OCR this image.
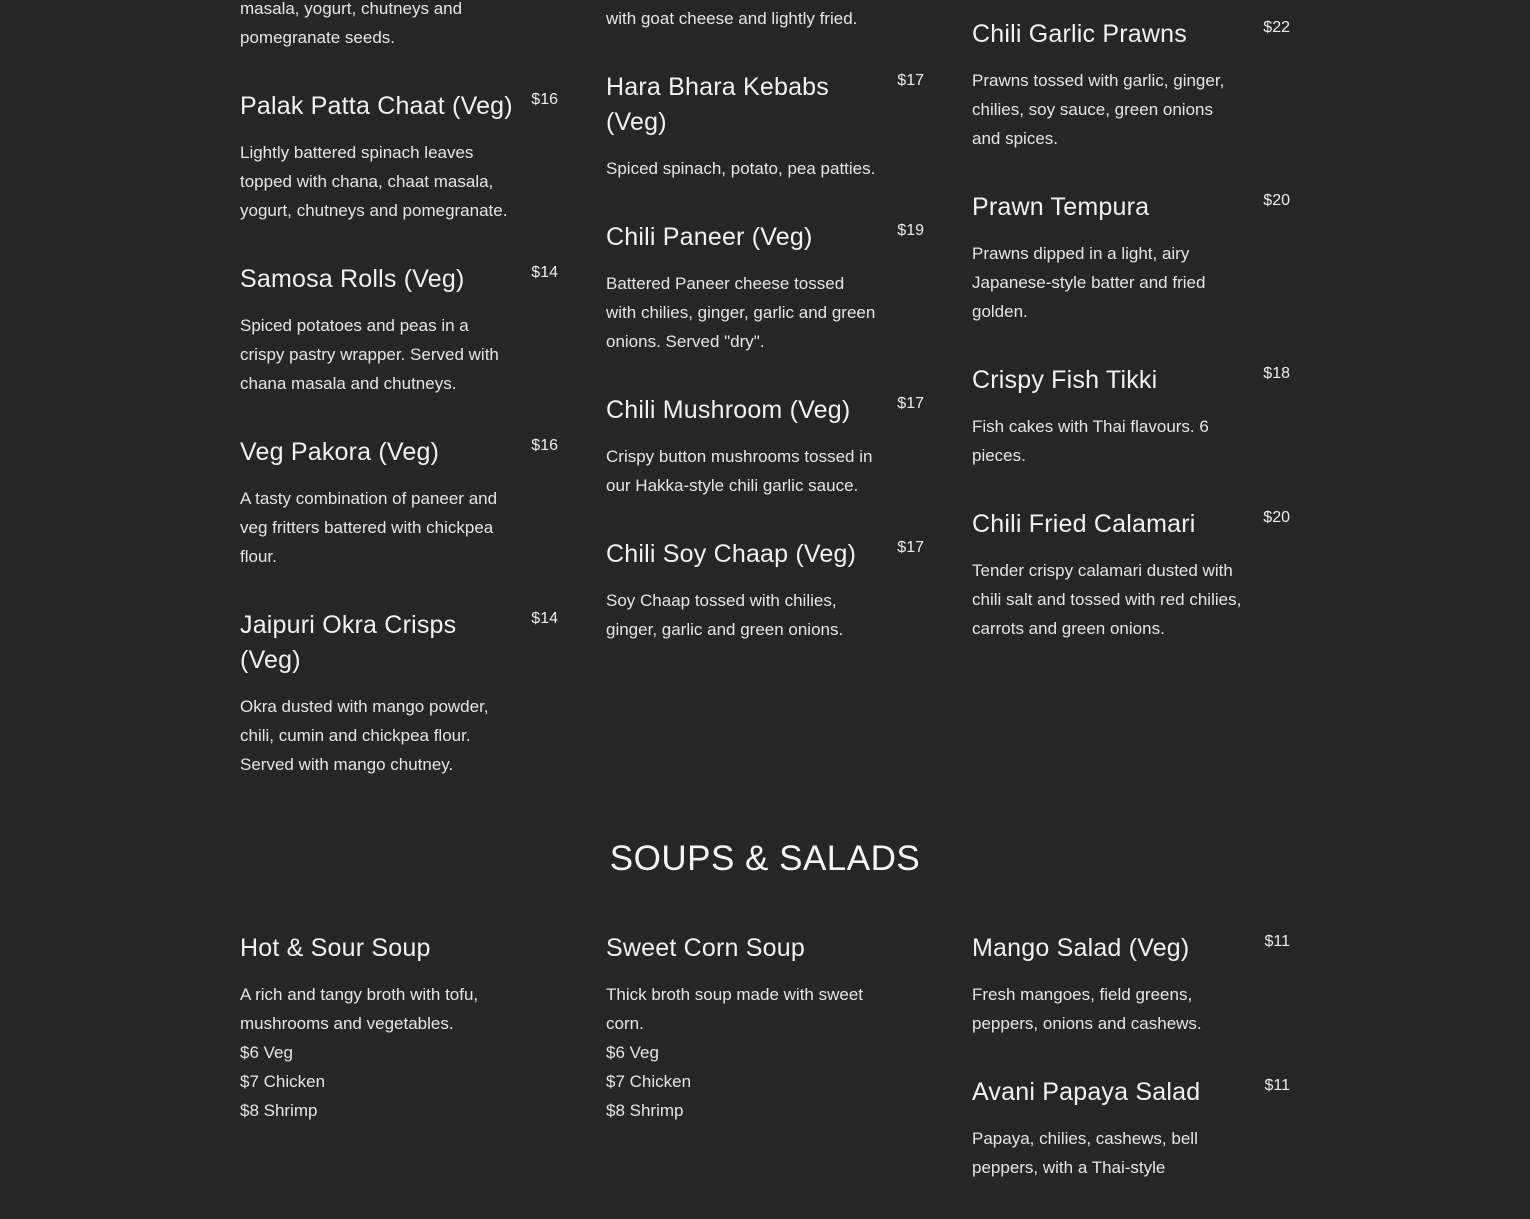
masala, yogurt, chutneys and pomegranate seeds.
Palak Patta Chaat (Veg) $16
Lightly battered spinach leaves topped with chana, chaat masala, yogurt, chutneys and pomegranate.
Samosa Rolls (Veg)	$14
Spiced potatoes and peas in a crispy pastry wrapper. Served with chana masala and chutneys.
Veg Pakora (Veg)	$16
A tasty combination of paneer and veg fritters battered with chickpea flour.
Jaipuri Okra Crisps (Veg)
$14
Okra dusted with mango powder, chili, cumin and chickpea flour. Served with mango chutney.
with goat cheese and lightly fried.
Hara Bhara Kebabs (Veg)
$17
Spiced spinach, potato, pea patties.
Chili Paneer (Veg)	$19
Battered Paneer cheese tossed with chilies, ginger, garlic and green onions. Served "dry".
Chili Mushroom (Veg)	$17
Crispy button mushrooms tossed in our Hakka-style chili garlic sauce.
Chili Soy Chaap (Veg)	$17
Soy Chaap tossed with chilies, ginger, garlic and green onions.
Chili Garlic Prawns	$22
Prawns tossed with garlic, ginger, chilies, soy sauce, green onions and spices.
Prawn Tempura	$20
Prawns dipped in a light, airy Japanese-style batter and fried golden.
Crispy Fish Tikki	$18
Fish cakes with Thai flavours. 6 pieces.
Chili Fried Calamari	$20
Tender crispy calamari dusted with chili salt and tossed with red chilies, carrots and green onions.
SOUPS & SALADS
Hot & Sour Soup
A rich and tangy broth with tofu, mushrooms and vegetables.
$6 Veg
$7 Chicken
$8 Shrimp
Sweet Corn Soup
Thick broth soup made with sweet corn.
$6 Veg
$7 Chicken
$8 Shrimp
Mango Salad (Veg)	$11
Fresh mangoes, field greens, peppers, onions and cashews.
Avani Papaya Salad	$11
Papaya, chilies, cashews, bell peppers, with a Thai-style
